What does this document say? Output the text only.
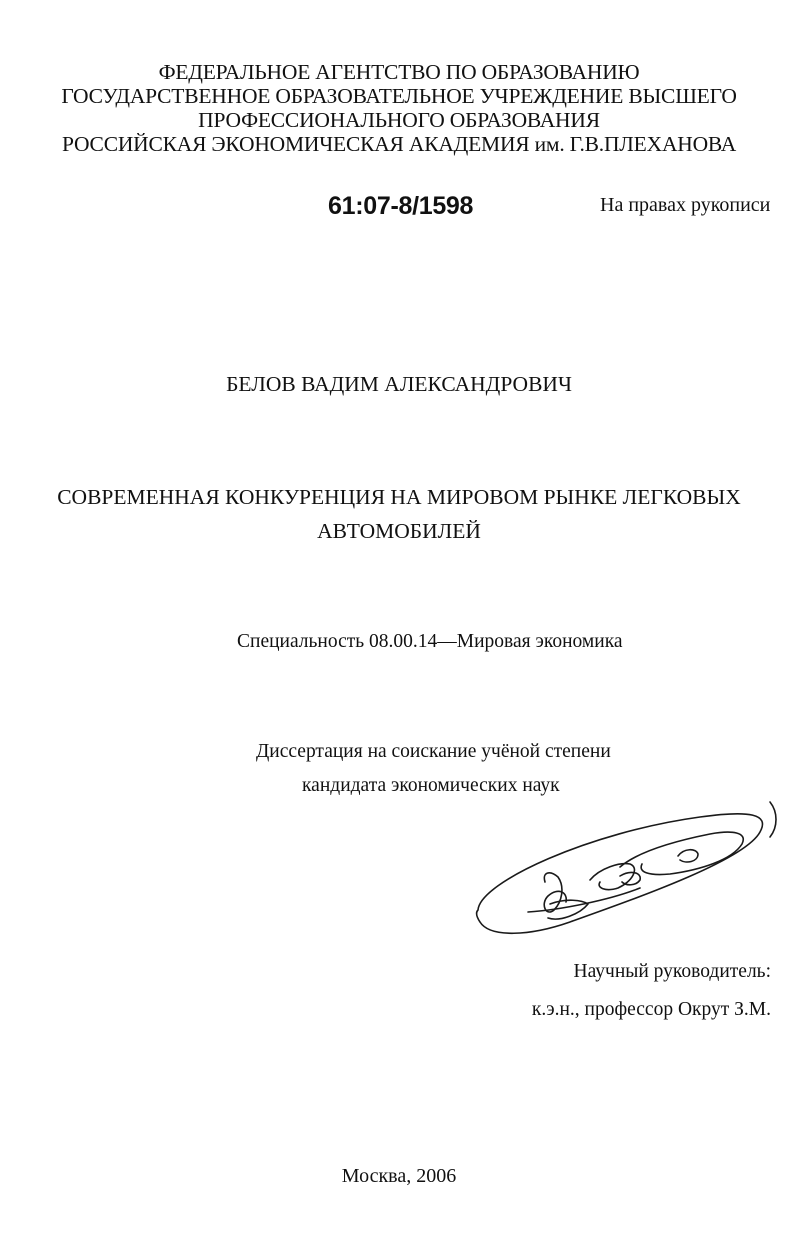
ФЕДЕРАЛЬНОЕ АГЕНТСТВО ПО ОБРАЗОВАНИЮ
ГОСУДАРСТВЕННОЕ ОБРАЗОВАТЕЛЬНОЕ УЧРЕЖДЕНИЕ ВЫСШЕГО
ПРОФЕССИОНАЛЬНОГО ОБРАЗОВАНИЯ
РОССИЙСКАЯ ЭКОНОМИЧЕСКАЯ АКАДЕМИЯ им. Г.В.ПЛЕХАНОВА
61:07-8/1598	На правах рукописи
БЕЛОВ ВАДИМ АЛЕКСАНДРОВИЧ
СОВРЕМЕННАЯ КОНКУРЕНЦИЯ НА МИРОВОМ РЫНКЕ ЛЕГКОВЫХ
АВТОМОБИЛЕЙ
Специальность 08.00.14—Мировая экономика
Диссертация на соискание учёной степени
кандидата экономических наук
Научный руководитель:
к.э.н., профессор Окрут З.М.
Москва, 2006
